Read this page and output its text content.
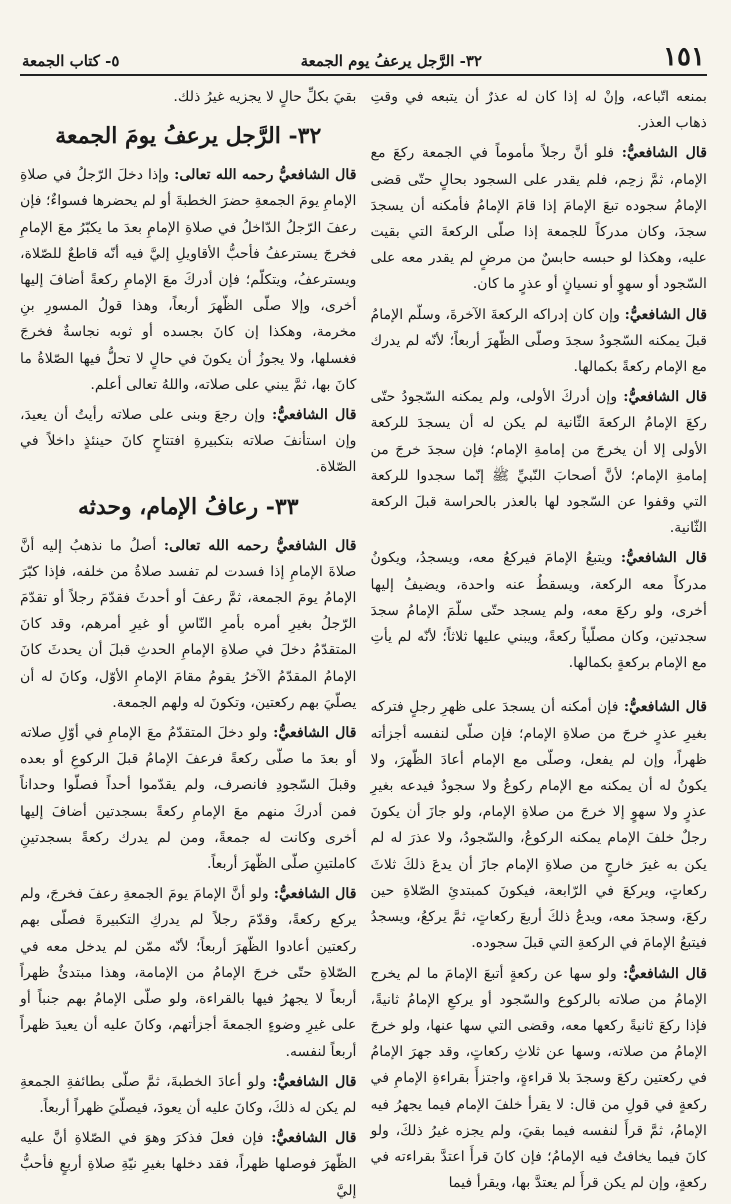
١٥١
٣٢- الرَّجل يرعفُ يوم الجمعة
٥- كتاب الجمعة

بمنعه اتّباعه، وإنْ له إذا كان له عذرٌ أن يتبعه في وقتِ ذهاب العذر.

قال الشافعيُّ: فلو أنَّ رجلاً مأموماً في الجمعة ركعَ مع الإمام، ثمَّ زحِم، فلم يقدر على السجود بحالٍ حتّى قضى الإمامُ سجوده تبعَ الإمامَ إذا قامَ الإمامُ فأمكنه أن يسجدَ سجدَ، وكان مدركاً للجمعة إذا صلّى الركعةَ التي بقيت عليه، وهكذا لو حبسه حابسٌ من مرضٍ لم يقدر معه على السّجود أو سهوٍ أو نسيانٍ أو عذرٍ ما كان.

قال الشافعيُّ: وإن كان إدراكه الركعةَ الآخرةَ، وسلّم الإمامُ قبلَ يمكنه السّجودُ سجدَ وصلّى الظّهرَ أربعاً؛ لأنّه لم يدرك مع الإمام ركعةً بكمالها.

قال الشافعيُّ: وإن أدركَ الأولى، ولم يمكنه السّجودُ حتّى ركعَ الإمامُ الركعةَ الثّانية لم يكن له أن يسجدَ للركعة الأولى إلا أن يخرجَ من إمامةِ الإمام؛ فإن سجدَ خرجَ من إمامةِ الإمام؛ لأنَّ أصحابَ النّبيِّ ﷺ إنّما سجدوا للركعة التي وقفوا عن السّجود لها بالعذر بالحراسة قبلَ الركعة الثّانية.

قال الشافعيُّ: ويتبعُ الإمامَ فيركعُ معه، ويسجدُ، ويكونُ مدركاً معه الركعة، ويسقطُ عنه واحدة، ويضيفُ إليها أخرى، ولو ركعَ معه، ولم يسجد حتّى سلّمَ الإمامُ سجدَ سجدتين، وكان مصلّياً ركعةً، ويبني عليها ثلاثاً؛ لأنّه لم يأتِ مع الإمام بركعةٍ بكمالها.

قال الشافعيُّ: فإن أمكنه أن يسجدَ على ظهرِ رجلٍ فتركه بغيرِ عذرٍ خرجَ من صلاةِ الإمام؛ فإن صلّى لنفسه أجزأته ظهراً، وإن لم يفعل، وصلّى مع الإمام أعادَ الظّهرَ، ولا يكونُ له أن يمكنه مع الإمام ركوعٌ ولا سجودٌ فيدعه بغيرِ عذرٍ ولا سهوٍ إلا خرجَ من صلاةِ الإمام، ولو جازَ أن يكونَ رجلٌ خلفَ الإمام يمكنه الركوعُ، والسّجودُ، ولا عذرَ له لم يكن به غيرَ خارجٍ من صلاةِ الإمام جازَ أن يدعَ ذلكَ ثلاثَ ركعاتٍ، ويركعَ في الرّابعة، فيكونَ كمبتدئِ الصّلاةِ حين ركعَ، وسجدَ معه، ويدعُ ذلكَ أربعَ ركعاتٍ، ثمَّ يركعُ، ويسجدُ فيتبعُ الإمامَ في الركعةِ التي قبلَ سجوده.

قال الشافعيُّ: ولو سها عن ركعةٍ أتبعَ الإمامَ ما لم يخرج الإمامُ من صلاته بالركوع والسّجود أو يركعِ الإمامُ ثانيةً، فإذا ركعَ ثانيةً ركعها معه، وقضى التي سها عنها، ولو خرجَ الإمامُ من صلاته، وسها عن ثلاثِ ركعاتٍ، وقد جهرَ الإمامُ في ركعتين ركعَ وسجدَ بلا قراءةٍ، واجتزأَ بقراءةِ الإمامِ في ركعةٍ في قولِ من قال: لا يقرأ خلفَ الإمام فيما يجهرُ فيه الإمامُ، ثمَّ قرأَ لنفسه فيما بقيَ، ولم يجزه غيرُ ذلكَ، ولو كانَ فيما يخافتُ فيه الإمامُ؛ فإن كانَ قرأَ اعتدَّ بقراءته في ركعةٍ، وإن لم يكن قرأَ لم يعتدَّ بها، ويقرأ فيما

بقيَ بكلِّ حالٍ لا يجزيه غيرُ ذلك.

٣٢- الرَّجل يرعفُ يومَ الجمعة

قال الشافعيُّ رحمه الله تعالى: وإذا دخلَ الرّجلُ في صلاةِ الإمامِ يومَ الجمعةِ حضرَ الخطبةَ أو لم يحضرها فسواءٌ؛ فإن رعفَ الرّجلُ الدّاخلُ في صلاةِ الإمامِ بعدَ ما يكبّرُ معَ الإمامِ فخرجَ يسترعفُ فأحبُّ الأقاويلِ إليَّ فيه أنّه قاطعٌ للصّلاة، ويسترعفُ، ويتكلّم؛ فإن أدركَ معَ الإمامِ ركعةً أضافَ إليها أخرى، وإلا صلّى الظّهرَ أربعاً، وهذا قولُ المسورِ بنِ مخرمة، وهكذا إن كانَ بجسده أو ثوبه نجاسةٌ فخرجَ فغسلها، ولا يجوزُ أن يكونَ في حالٍ لا تحلُّ فيها الصّلاةُ ما كانَ بها، ثمَّ يبني على صلاته، واللهُ تعالى أعلم.

قال الشافعيُّ: وإن رجعَ وبنى على صلاته رأيتُ أن يعيدَ، وإن استأنفَ صلاته بتكبيرةِ افتتاحٍ كانَ حينئذٍ داخلاً في الصّلاة.

٣٣- رعافُ الإمام، وحدثه

قال الشافعيُّ رحمه الله تعالى: أصلُ ما نذهبُ إليه أنَّ صلاةَ الإمامِ إذا فسدت لم تفسد صلاةُ من خلفه، فإذا كبّرَ الإمامُ يومَ الجمعة، ثمَّ رعفَ أو أحدثَ فقدّمَ رجلاً أو تقدّمَ الرّجلُ بغيرِ أمره بأمرِ النّاسِ أو غيرِ أمرهم، وقد كانَ المتقدّمُ دخلَ في صلاةِ الإمامِ الحدثِ قبلَ أن يحدثَ كانَ الإمامُ المقدّمُ الآخرُ يقومُ مقامَ الإمامِ الأوّل، وكانَ له أن يصلّيَ بهم ركعتين، وتكونَ له ولهم الجمعة.

قال الشافعيُّ: ولو دخلَ المتقدّمُ معَ الإمامِ في أوّلِ صلاته أو بعدَ ما صلّى ركعةً فرعفَ الإمامُ قبلَ الركوعِ أو بعده وقبلَ السّجودِ فانصرف، ولم يقدّموا أحداً فصلّوا وحداناً فمن أدركَ منهم معَ الإمامِ ركعةً بسجدتين أضافَ إليها أخرى وكانت له جمعةً، ومن لم يدرك ركعةً بسجدتينِ كاملتينِ صلّى الظّهرَ أربعاً.

قال الشافعيُّ: ولو أنَّ الإمامَ يومَ الجمعةِ رعفَ فخرجَ، ولم يركع ركعةً، وقدّمَ رجلاً لم يدركِ التكبيرةَ فصلّى بهم ركعتين أعادوا الظّهرَ أربعاً؛ لأنّه ممّن لم يدخل معه في الصّلاةِ حتّى خرجَ الإمامُ من الإمامة، وهذا مبتدئٌ ظهراً أربعاً لا يجهرُ فيها بالقراءة، ولو صلّى الإمامُ بهم جنباً أو على غيرِ وضوءٍ الجمعةَ أجزأتهم، وكانَ عليه أن يعيدَ ظهراً أربعاً لنفسه.

قال الشافعيُّ: ولو أعادَ الخطبةَ، ثمَّ صلّى بطائفةِ الجمعةِ لم يكن له ذلكَ، وكانَ عليه أن يعودَ، فيصلّيَ ظهراً أربعاً.

قال الشافعيُّ: فإن فعلَ فذكرَ وهوَ في الصّلاةِ أنَّ عليه الظّهرَ فوصلها ظهراً، فقد دخلها بغيرِ نيّةِ صلاةِ أربعٍ فأحبُّ إليَّ
